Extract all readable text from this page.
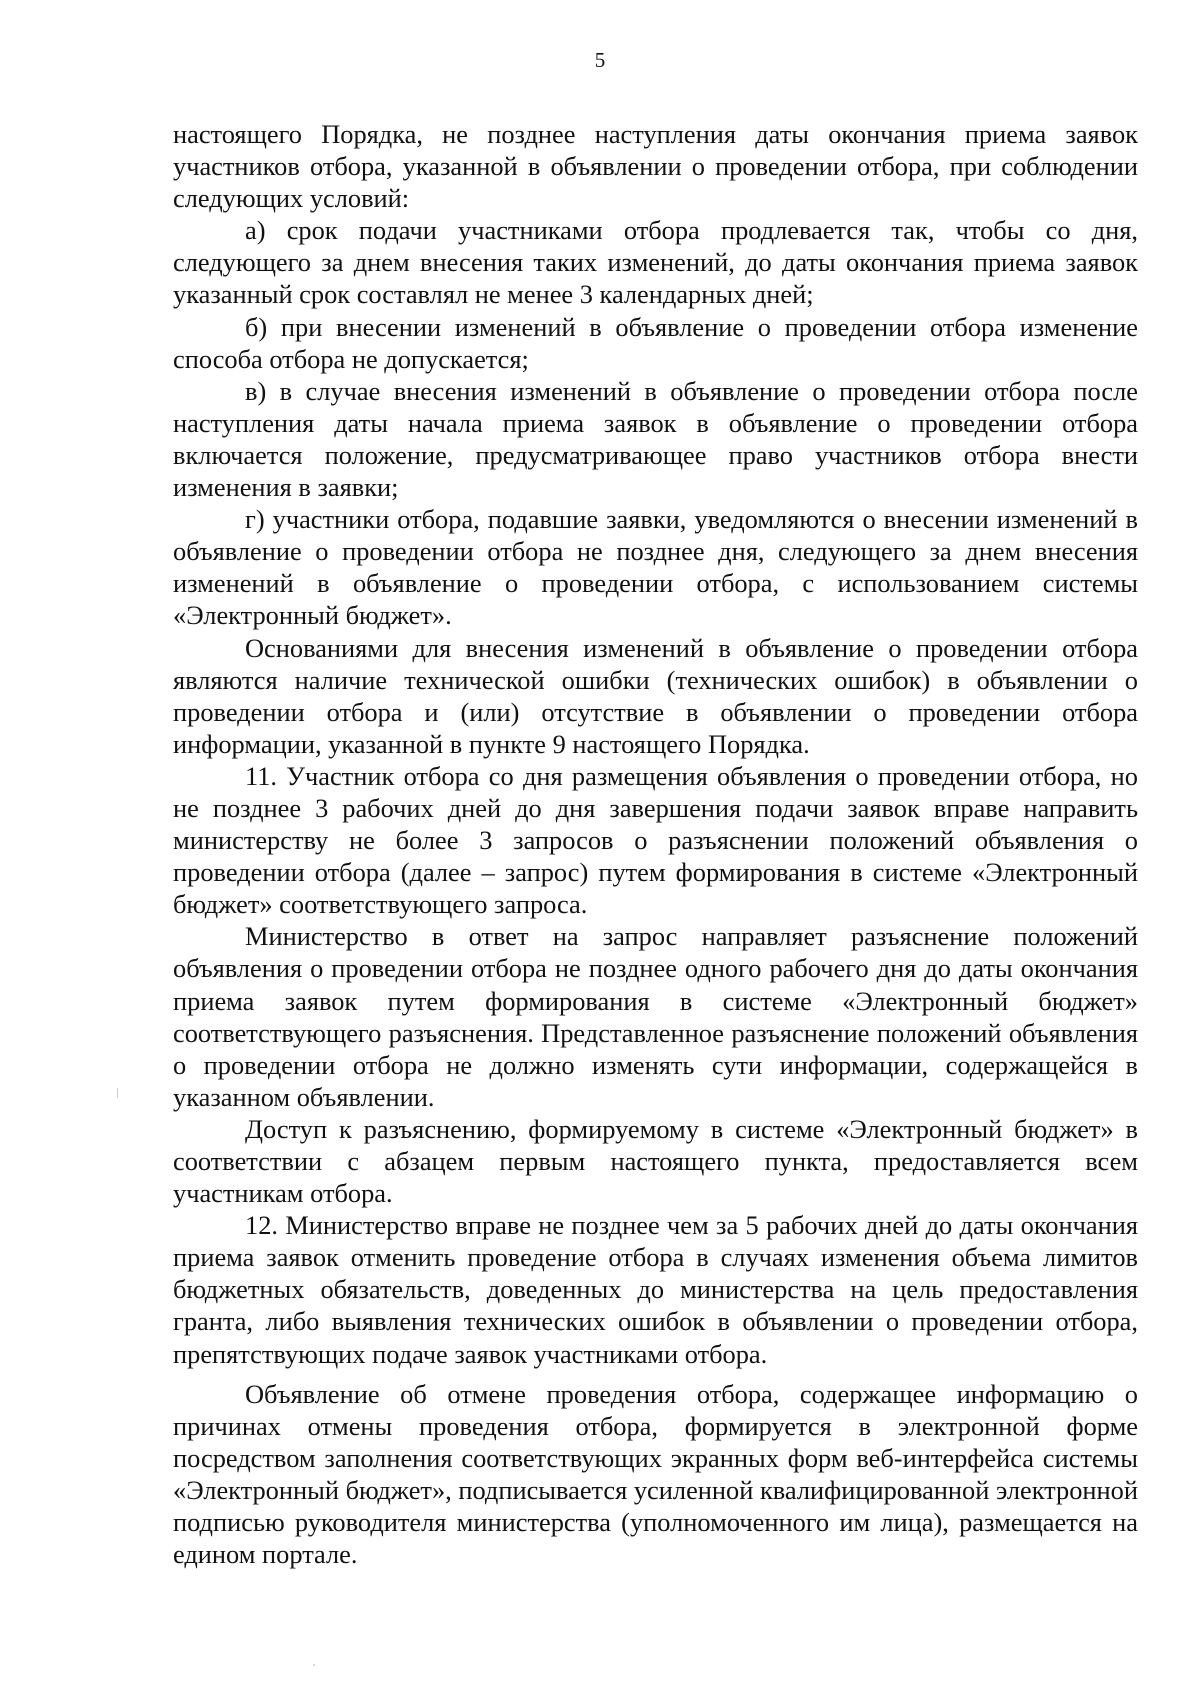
5

настоящего Порядка, не позднее наступления даты окончания приема заявок участников отбора, указанной в объявлении о проведении отбора, при соблюдении следующих условий:

а) срок подачи участниками отбора продлевается так, чтобы со дня, следующего за днем внесения таких изменений, до даты окончания приема заявок указанный срок составлял не менее 3 календарных дней;

б) при внесении изменений в объявление о проведении отбора изменение способа отбора не допускается;

в) в случае внесения изменений в объявление о проведении отбора после наступления даты начала приема заявок в объявление о проведении отбора включается положение, предусматривающее право участников отбора внести изменения в заявки;

г) участники отбора, подавшие заявки, уведомляются о внесении изменений в объявление о проведении отбора не позднее дня, следующего за днем внесения изменений в объявление о проведении отбора, с использованием системы «Электронный бюджет».

Основаниями для внесения изменений в объявление о проведении отбора являются наличие технической ошибки (технических ошибок) в объявлении о проведении отбора и (или) отсутствие в объявлении о проведении отбора информации, указанной в пункте 9 настоящего Порядка.

11. Участник отбора со дня размещения объявления о проведении отбора, но не позднее 3 рабочих дней до дня завершения подачи заявок вправе направить министерству не более 3 запросов о разъяснении положений объявления о проведении отбора (далее – запрос) путем формирования в системе «Электронный бюджет» соответствующего запроса.

Министерство в ответ на запрос направляет разъяснение положений объявления о проведении отбора не позднее одного рабочего дня до даты окончания приема заявок путем формирования в системе «Электронный бюджет» соответствующего разъяснения. Представленное разъяснение положений объявления о проведении отбора не должно изменять сути информации, содержащейся в указанном объявлении.

Доступ к разъяснению, формируемому в системе «Электронный бюджет» в соответствии с абзацем первым настоящего пункта, предоставляется всем участникам отбора.

12. Министерство вправе не позднее чем за 5 рабочих дней до даты окончания приема заявок отменить проведение отбора в случаях изменения объема лимитов бюджетных обязательств, доведенных до министерства на цель предоставления гранта, либо выявления технических ошибок в объявлении о проведении отбора, препятствующих подаче заявок участниками отбора.

Объявление об отмене проведения отбора, содержащее информацию о причинах отмены проведения отбора, формируется в электронной форме посредством заполнения соответствующих экранных форм веб-интерфейса системы «Электронный бюджет», подписывается усиленной квалифицированной электронной подписью руководителя министерства (уполномоченного им лица), размещается на едином портале.
